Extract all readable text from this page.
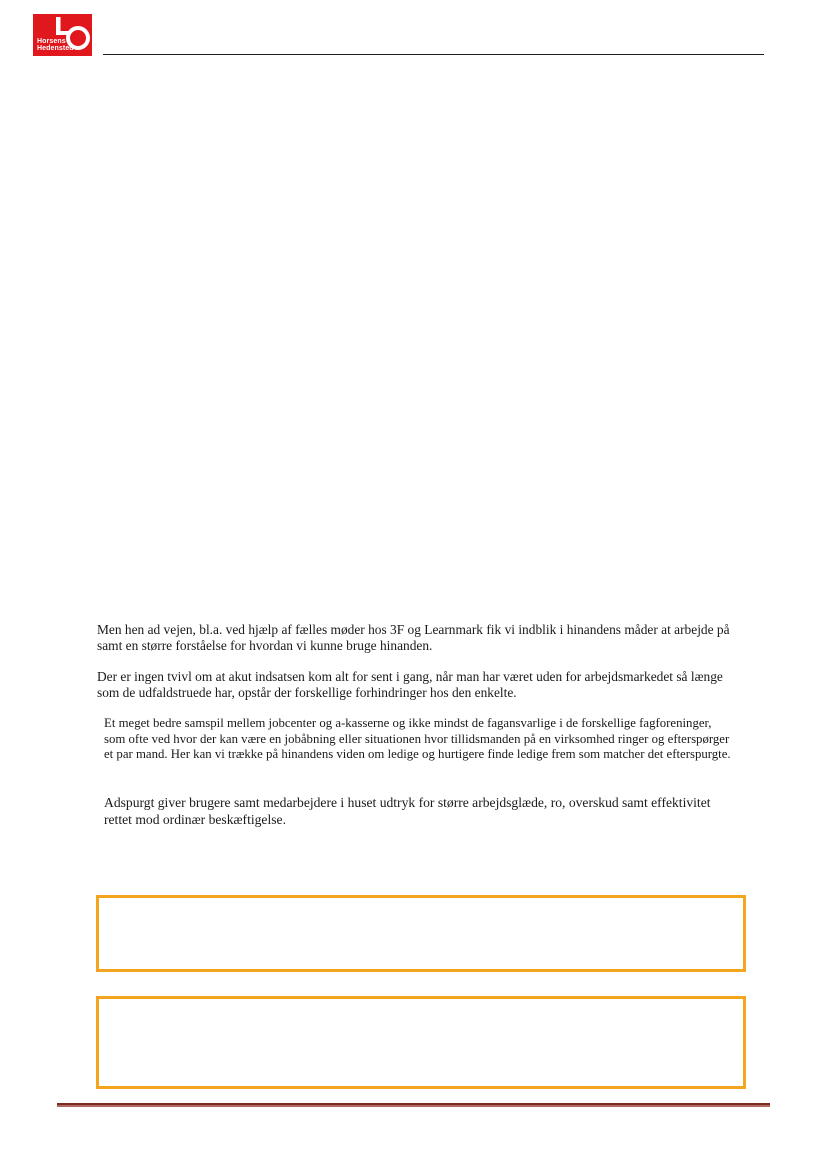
Horsens
Hedensted

Men hen ad vejen, bl.a. ved hjælp af fælles møder hos 3F og Learnmark fik vi indblik i hinandens måder at arbejde på samt en større forståelse for hvordan vi kunne bruge hinanden.

Der er ingen tvivl om at akut indsatsen kom alt for sent i gang, når man har været uden for arbejdsmarkedet så længe som de udfaldstruede har, opstår der forskellige forhindringer hos den enkelte.

Et meget bedre samspil mellem jobcenter og a-kasserne og ikke mindst de fagansvarlige i de forskellige fagforeninger, som ofte ved hvor der kan være en jobåbning eller situationen hvor tillidsmanden på en virksomhed ringer og efterspørger et par mand. Her kan vi trække på hinandens viden om ledige og hurtigere finde ledige frem som matcher det efterspurgte.

Adspurgt giver brugere samt medarbejdere i huset udtryk for større arbejdsglæde, ro, overskud samt effektivitet rettet mod ordinær beskæftigelse.
